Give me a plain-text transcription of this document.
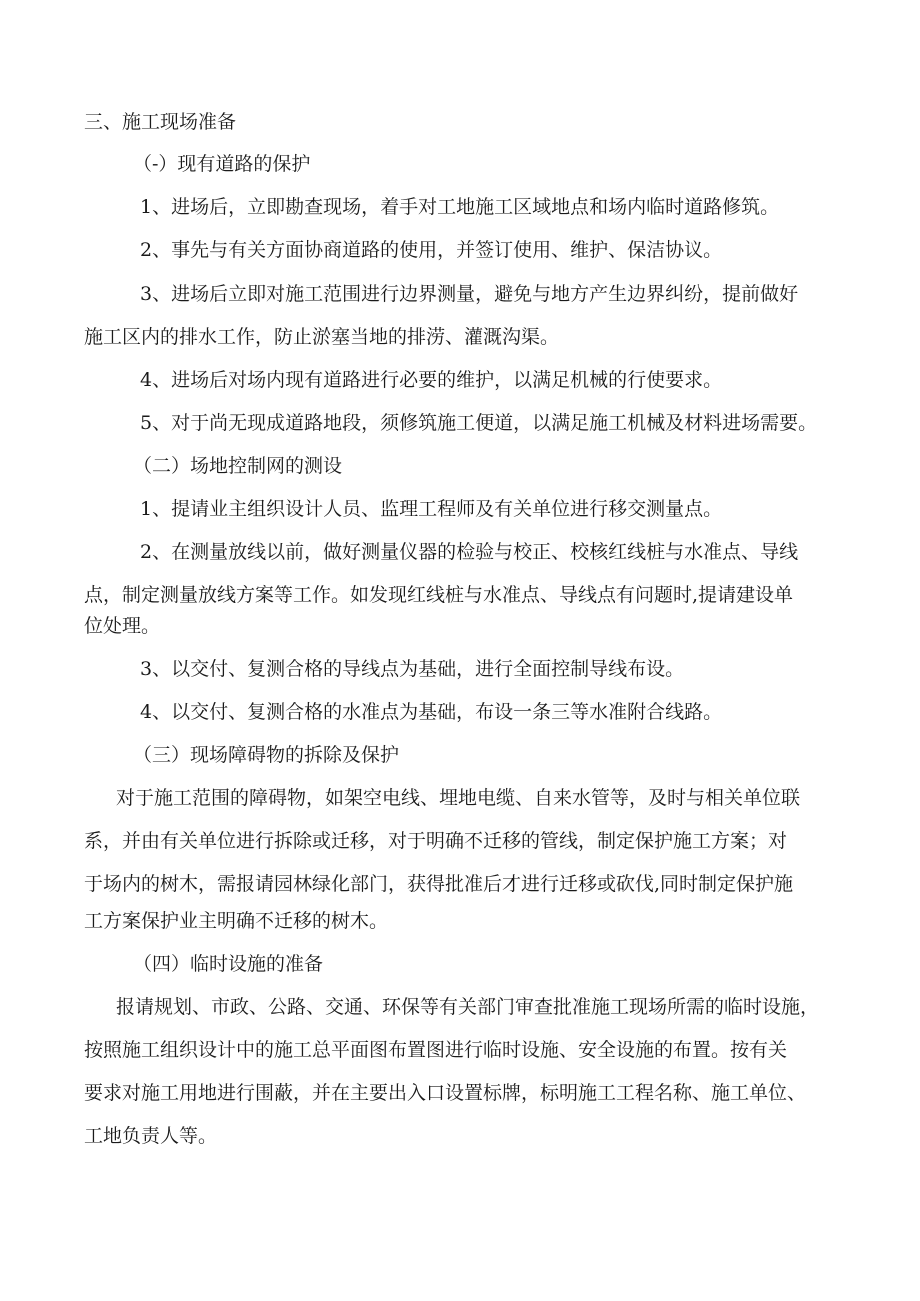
三、施工现场准备
（-）现有道路的保护
1、进场后，立即勘查现场，着手对工地施工区域地点和场内临时道路修筑。
2、事先与有关方面协商道路的使用，并签订使用、维护、保洁协议。
3、进场后立即对施工范围进行边界测量，避免与地方产生边界纠纷，提前做好
施工区内的排水工作，防止淤塞当地的排涝、灌溉沟渠。
4、进场后对场内现有道路进行必要的维护，以满足机械的行使要求。
5、对于尚无现成道路地段，须修筑施工便道，以满足施工机械及材料进场需要。
（二）场地控制网的测设
1、提请业主组织设计人员、监理工程师及有关单位进行移交测量点。
2、在测量放线以前，做好测量仪器的检验与校正、校核红线桩与水准点、导线
点，制定测量放线方案等工作。如发现红线桩与水准点、导线点有问题时,提请建设单
位处理。
3、以交付、复测合格的导线点为基础，进行全面控制导线布设。
4、以交付、复测合格的水准点为基础，布设一条三等水准附合线路。
（三）现场障碍物的拆除及保护
对于施工范围的障碍物，如架空电线、埋地电缆、自来水管等，及时与相关单位联
系，并由有关单位进行拆除或迁移，对于明确不迁移的管线，制定保护施工方案；对
于场内的树木，需报请园林绿化部门，获得批准后才进行迁移或砍伐,同时制定保护施
工方案保护业主明确不迁移的树木。
（四）临时设施的准备
报请规划、市政、公路、交通、环保等有关部门审查批准施工现场所需的临时设施，
按照施工组织设计中的施工总平面图布置图进行临时设施、安全设施的布置。按有关
要求对施工用地进行围蔽，并在主要出入口设置标牌，标明施工工程名称、施工单位、
工地负责人等。
